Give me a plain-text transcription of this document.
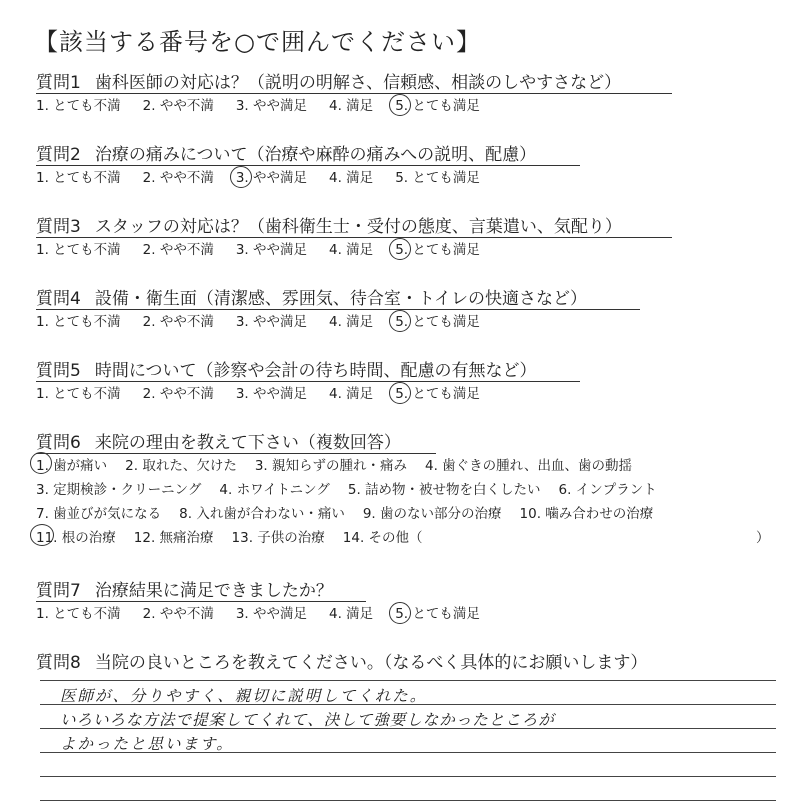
【該当する番号を○で囲んでください】
質問1 歯科医師の対応は？（説明の明解さ、信頼感、相談のしやすさなど）
1. とても不満 2. やや不満 3. やや満足 4. 満足 5. とても満足
質問2 治療の痛みについて（治療や麻酔の痛みへの説明、配慮）
1. とても不満 2. やや不満 3. やや満足 4. 満足 5. とても満足
質問3 スタッフの対応は？（歯科衛生士・受付の態度、言葉遣い、気配り）
1. とても不満 2. やや不満 3. やや満足 4. 満足 5. とても満足
質問4 設備・衛生面（清潔感、雰囲気、待合室・トイレの快適さなど）
1. とても不満 2. やや不満 3. やや満足 4. 満足 5. とても満足
質問5 時間について（診察や会計の待ち時間、配慮の有無など）
1. とても不満 2. やや不満 3. やや満足 4. 満足 5. とても満足
質問6 来院の理由を教えて下さい（複数回答）
1. 歯が痛い 2. 取れた、欠けた 3. 親知らずの腫れ・痛み 4. 歯ぐきの腫れ、出血、歯の動揺
3. 定期検診・クリーニング 4. ホワイトニング 5. 詰め物・被せ物を白くしたい 6. インプラント
7. 歯並びが気になる 8. 入れ歯が合わない・痛い 9. 歯のない部分の治療 10. 噛み合わせの治療
11. 根の治療 12. 無痛治療 13. 子供の治療 14. その他（	）
質問7 治療結果に満足できましたか？
1. とても不満 2. やや不満 3. やや満足 4. 満足 5. とても満足
質問8 当院の良いところを教えてください。（なるべく具体的にお願いします）
医師が、分りやすく、親切に説明してくれた。
いろいろな方法で提案してくれて、決して強要しなかったところが
よかったと思います。
